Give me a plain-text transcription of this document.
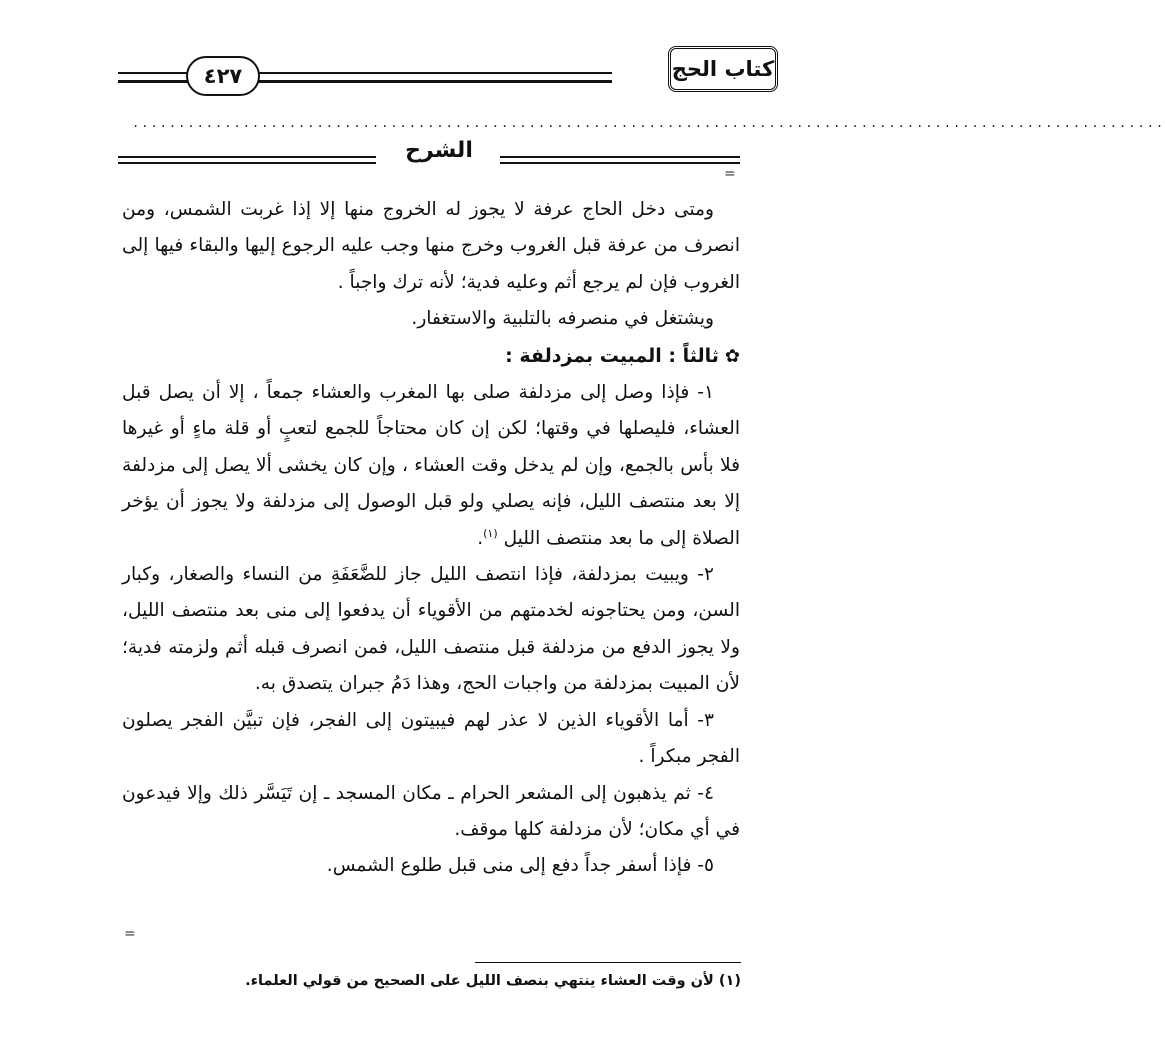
٤٢٧	كتاب الحج
................................................................................................................
الشرح
=

ومتى دخل الحاج عرفة لا يجوز له الخروج منها إلا إذا غربت الشمس، ومن انصرف من عرفة قبل الغروب وخرج منها وجب عليه الرجوع إليها والبقاء فيها إلى الغروب فإن لم يرجع أثم وعليه فدية؛ لأنه ترك واجباً .

ويشتغل في منصرفه بالتلبية والاستغفار.

✿ثالثاً : المبيت بمزدلفة :

١- فإذا وصل إلى مزدلفة صلى بها المغرب والعشاء جمعاً ، إلا أن يصل قبل العشاء، فليصلها في وقتها؛ لكن إن كان محتاجاً للجمع لتعبٍ أو قلة ماءٍ أو غيرها فلا بأس بالجمع، وإن لم يدخل وقت العشاء ، وإن كان يخشى ألا يصل إلى مزدلفة إلا بعد منتصف الليل، فإنه يصلي ولو قبل الوصول إلى مزدلفة ولا يجوز أن يؤخر الصلاة إلى ما بعد منتصف الليل $^{(١)}$.

٢- ويبيت بمزدلفة، فإذا انتصف الليل جاز للضَّعَفَةِ من النساء والصغار، وكبار السن، ومن يحتاجونه لخدمتهم من الأقوياء أن يدفعوا إلى منى بعد منتصف الليل، ولا يجوز الدفع من مزدلفة قبل منتصف الليل، فمن انصرف قبله أثم ولزمته فدية؛ لأن المبيت بمزدلفة من واجبات الحج، وهذا دَمُ جبران يتصدق به.

٣- أما الأقوياء الذين لا عذر لهم فيبيتون إلى الفجر، فإن تبيَّن الفجر يصلون الفجر مبكراً .

٤- ثم يذهبون إلى المشعر الحرام ـ مكان المسجد ـ إن تَيَسَّر ذلك وإلا فيدعون في أي مكان؛ لأن مزدلفة كلها موقف.

٥- فإذا أسفر جداً دفع إلى منى قبل طلوع الشمس.

=
(١) لأن وقت العشاء ينتهي بنصف الليل على الصحيح من قولي العلماء.
